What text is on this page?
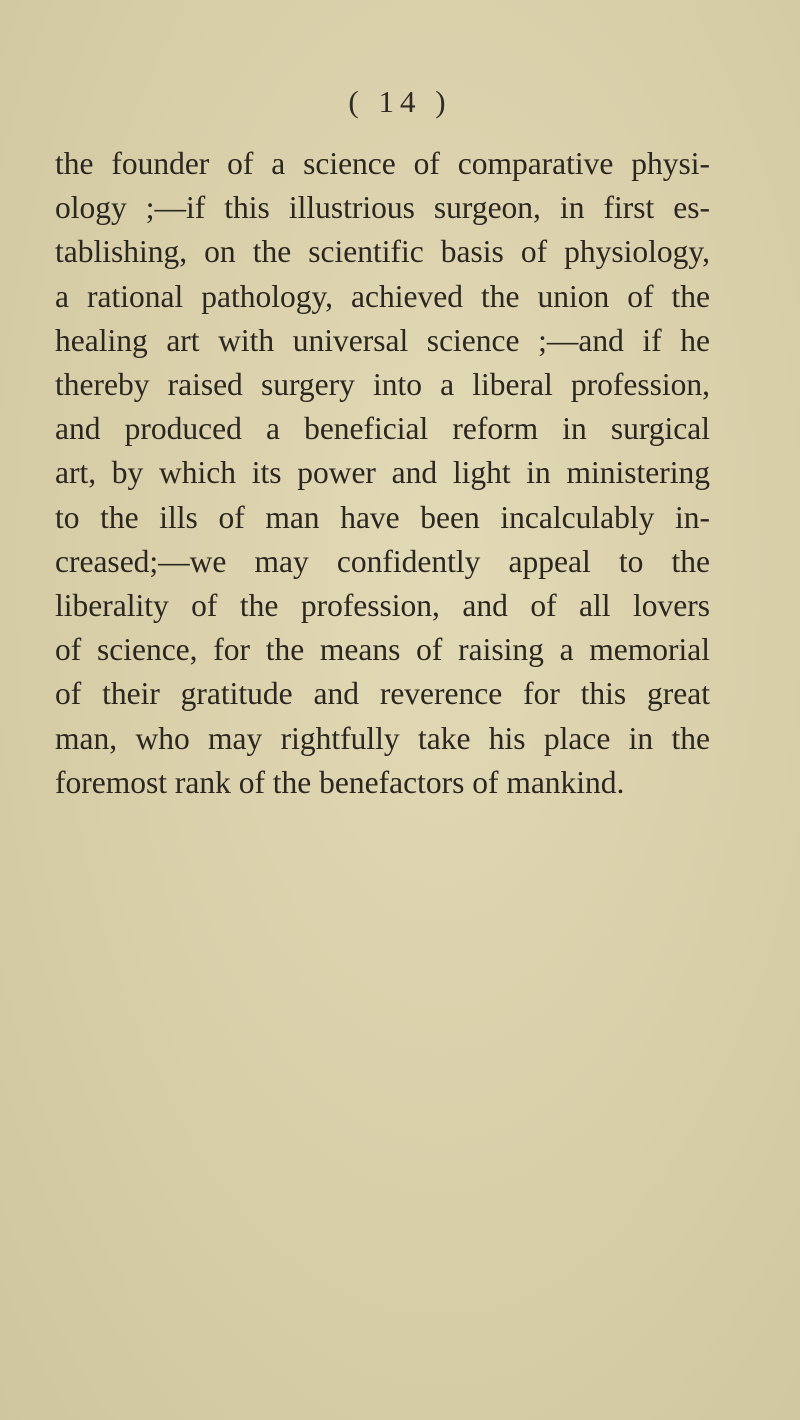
( 14 )
the founder of a science of comparative physi-
ology ;—if this illustrious surgeon, in first es-
tablishing, on the scientific basis of physiology,
a rational pathology, achieved the union of the
healing art with universal science ;—and if he
thereby raised surgery into a liberal profession,
and produced a beneficial reform in surgical
art, by which its power and light in ministering
to the ills of man have been incalculably in-
creased;—we may confidently appeal to the
liberality of the profession, and of all lovers
of science, for the means of raising a memorial
of their gratitude and reverence for this great
man, who may rightfully take his place in the
foremost rank of the benefactors of mankind.
